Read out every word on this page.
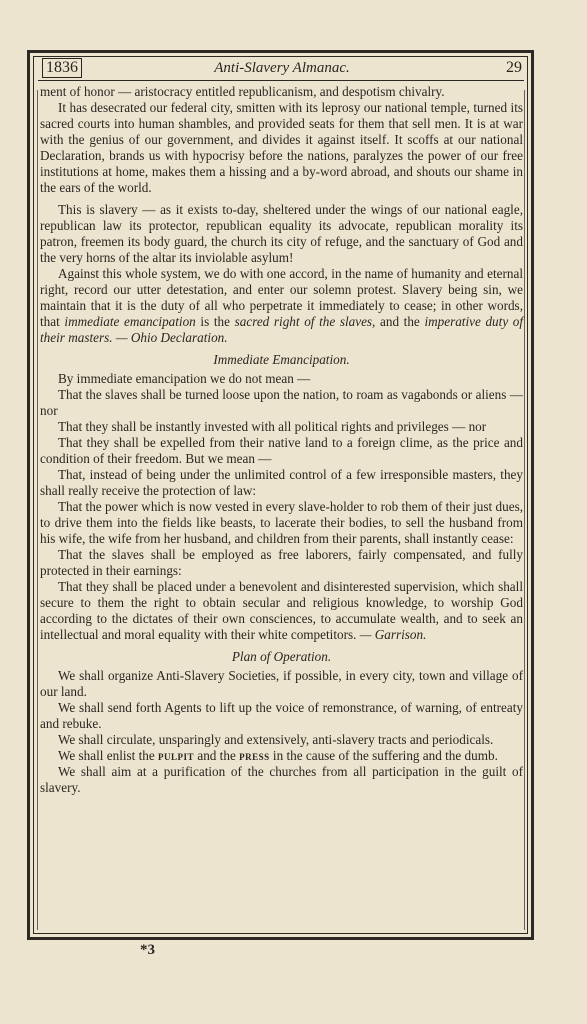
1836	Anti-Slavery Almanac.	29

ment of honor — aristocracy entitled republicanism, and despotism chivalry.

It has desecrated our federal city, smitten with its leprosy our national temple, turned its sacred courts into human shambles, and provided seats for them that sell men. It is at war with the genius of our government, and divides it against itself. It scoffs at our national Declaration, brands us with hypocrisy before the nations, paralyzes the power of our free institutions at home, makes them a hissing and a by-word abroad, and shouts our shame in the ears of the world.

This is slavery — as it exists to-day, sheltered under the wings of our national eagle, republican law its protector, republican equality its advocate, republican morality its patron, freemen its body guard, the church its city of refuge, and the sanctuary of God and the very horns of the altar its inviolable asylum!

Against this whole system, we do with one accord, in the name of humanity and eternal right, record our utter detestation, and enter our solemn protest. Slavery being sin, we maintain that it is the duty of all who perpetrate it immediately to cease; in other words, that immediate emancipation is the sacred right of the slaves, and the imperative duty of their masters. — Ohio Declaration.

Immediate Emancipation.

By immediate emancipation we do not mean —

That the slaves shall be turned loose upon the nation, to roam as vagabonds or aliens — nor

That they shall be instantly invested with all political rights and privileges — nor

That they shall be expelled from their native land to a foreign clime, as the price and condition of their freedom. But we mean —

That, instead of being under the unlimited control of a few irresponsible masters, they shall really receive the protection of law:

That the power which is now vested in every slave-holder to rob them of their just dues, to drive them into the fields like beasts, to lacerate their bodies, to sell the husband from his wife, the wife from her husband, and children from their parents, shall instantly cease:

That the slaves shall be employed as free laborers, fairly compensated, and fully protected in their earnings:

That they shall be placed under a benevolent and disinterested supervision, which shall secure to them the right to obtain secular and religious knowledge, to worship God according to the dictates of their own consciences, to accumulate wealth, and to seek an intellectual and moral equality with their white competitors. — Garrison.

Plan of Operation.

We shall organize Anti-Slavery Societies, if possible, in every city, town and village of our land.

We shall send forth Agents to lift up the voice of remonstrance, of warning, of entreaty and rebuke.

We shall circulate, unsparingly and extensively, anti-slavery tracts and periodicals.

We shall enlist the pulpit and the press in the cause of the suffering and the dumb.

We shall aim at a purification of the churches from all participation in the guilt of slavery.

*3
